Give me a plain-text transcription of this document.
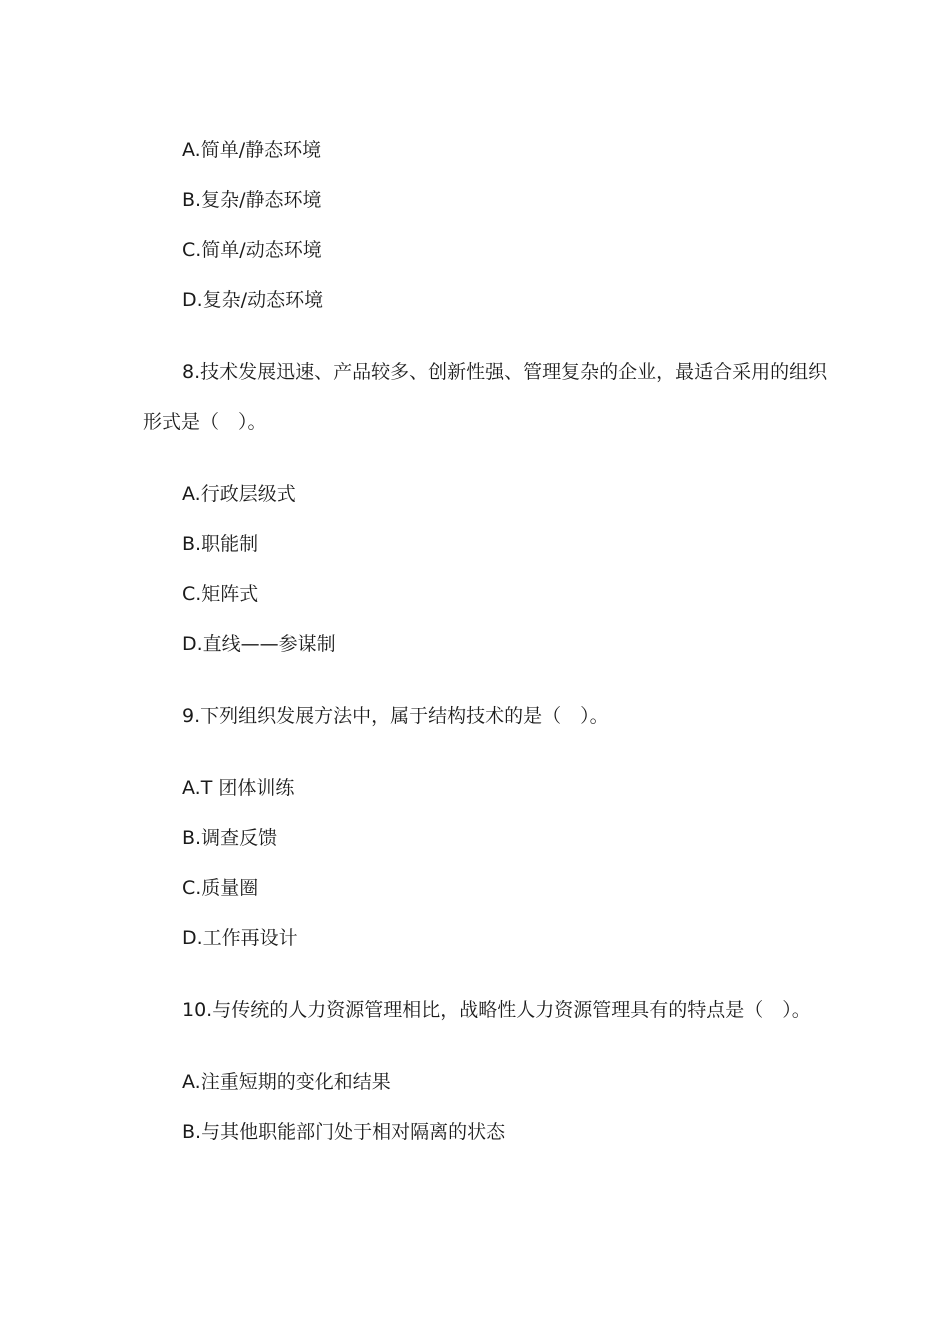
A.简单/静态环境
B.复杂/静态环境
C.简单/动态环境
D.复杂/动态环境
8.技术发展迅速、产品较多、创新性强、管理复杂的企业，最适合采用的组织
形式是（　）。
A.行政层级式
B.职能制
C.矩阵式
D.直线——参谋制
9.下列组织发展方法中，属于结构技术的是（　）。
A.T 团体训练
B.调查反馈
C.质量圈
D.工作再设计
10.与传统的人力资源管理相比，战略性人力资源管理具有的特点是（　）。
A.注重短期的变化和结果
B.与其他职能部门处于相对隔离的状态
